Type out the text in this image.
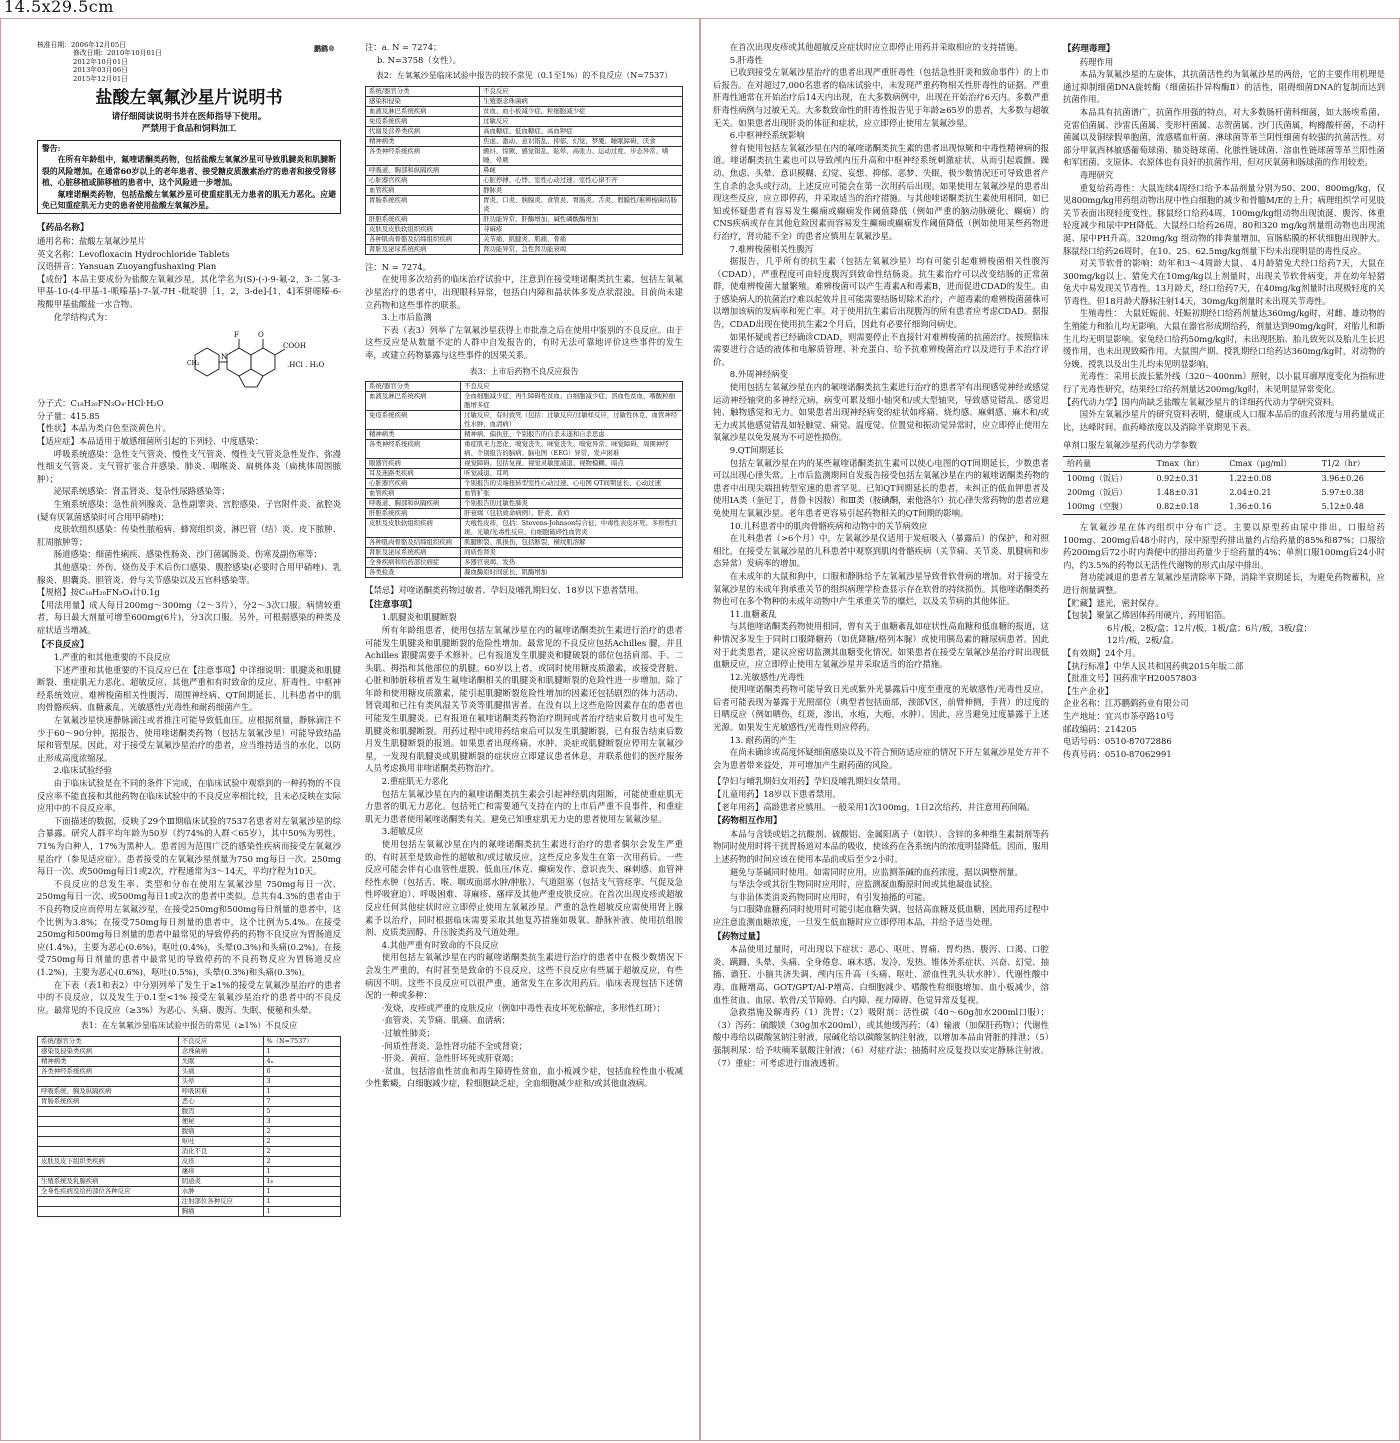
14.5x29.5cm
核准日期：2006年12月05日
修改日期：2010年10月01日
2012年10月01日
2013年03月06日
2015年12月01日
鹏鹞®
盐酸左氧氟沙星片说明书
请仔细阅读说明书并在医师指导下使用。
严禁用于食品和饲料加工
警告:

在所有年龄组中，氟喹诺酮类药物，包括盐酸左氧氟沙星可导致肌腱炎和肌腱断裂的风险增加。在通常60岁以上的老年患者、接受糖皮质激素治疗的患者和接受肾移植、心脏移植或肺移植的患者中，这个风险进一步增加。

氟喹诺酮类药物，包括盐酸左氧氟沙星可使重症肌无力患者的肌无力恶化。应避免已知重症肌无力史的患者使用盐酸左氧氟沙星。

【药品名称】

通用名称：盐酸左氧氟沙星片

英文名称：Levofloxacin Hydrochloride Tablets

汉语拼音：Yansuan Zuoyangfushaxing Pian

【成份】本品主要成份为盐酸左氧氟沙星，其化学名为(S)-(-)-9-氟-2，3-二氢-3-甲基-10-(4-甲基-1-哌嗪基)-7-氧-7H -吡啶骈［1，2，3-de]-[1，4]苯骈噁嗪-6-羧酸甲基盐酸盐一水合物。

化学结构式为：

F	O
COOH
N
CH₃	.HCl . H₂O

分子式：C₁₈H₂₀FN₃O₄·HCl·H₂O

分子量：415.85

【性状】本品为类白色至淡黄色片。

【适应症】本品适用于敏感细菌所引起的下列轻、中度感染：

呼吸系统感染：急性支气管炎、慢性支气管炎、慢性支气管炎急性发作、弥漫性细支气管炎、支气管扩张合并感染、肺炎、咽喉炎、扁桃体炎（扁桃体周围脓肿）；

泌尿系统感染：肾盂肾炎、复杂性尿路感染等；

生殖系统感染：急性前列腺炎、急性副睾炎、宫腔感染、子宫附件炎、盆腔炎(疑有厌氧菌感染时可合用甲硝唑)；

皮肤软组织感染：传染性脓疱病、蜂窝组织炎、淋巴管（结）炎、皮下脓肿、肛周脓肿等；

肠道感染：细菌性痢疾、感染性肠炎、沙门菌属肠炎、伤寒及副伤寒等；

其他感染：外伤、烧伤及手术后伤口感染、腹腔感染(必要时合用甲硝唑)、乳腺炎、胆囊炎、胆管炎、骨与关节感染以及五官科感染等。

【规格】按C₁₈H₂₀FN₃O₄计0.1g

【用法用量】成人每日200mg～300mg（2～3片），分2～3次口服。病情较重者，每日最大剂量可增至600mg(6片)，分3次口服。另外，可根据感染的种类及症状适当增减。

【不良反应】

1.严重的和其他重要的不良反应

下述严重和其他重要的不良反应已在【注意事项】中详细说明：肌腱炎和肌腱断裂、重症肌无力恶化、超敏反应、其他严重和有时致命的反应、肝毒性、中枢神经系统效应、难辨梭菌相关性腹泻、周围神经病、QT间期延长、儿科患者中的肌肉骨骼疾病、血糖紊乱、光敏感性/光毒性和耐药细菌产生。

左氧氟沙星快速静脉滴注或者推注可能导致低血压。应根据剂量，静脉滴注不少于60～90分钟。据报告，使用喹诺酮类药物（包括左氧氟沙星）可能导致结晶尿和管型尿。因此，对于接受左氧氟沙星治疗的患者，应当维持适当的水化，以防止形成高度浓缩尿。

2.临床试验经验

由于临床试验是在不同的条件下完成，在临床试验中观察到的一种药物的不良反应率不能直接和其他药物在临床试验中的不良反应率相比较，且未必反映在实际应用中的不良反应率。

下面描述的数据，反映了29个Ⅲ期临床试验的7537名患者对左氧氟沙星的综合暴露。研究人群平均年龄为50岁（约74%的人群＜65岁），其中50%为男性，71%为白种人，17%为黑种人。患者因为范围广泛的感染性疾病而接受左氧氟沙星治疗（参见适应症）。患者接受的左氧氟沙星剂量为750 mg每日一次、250mg每日一次、或500mg每日1或2次，疗程通常为3～14天，平均疗程为10天。

不良反应的总发生率、类型和分布在使用左氧氟沙星 750mg每日一次、250mg每日一次、或500mg每日1或2次的患者中类似。总共有4.3%的患者由于不良药物反应而停用左氧氟沙星，在接受250mg和500mg每日剂量的患者中，这个比例为3.8%；在接受750mg每日剂量的患者中，这个比例为5.4%。在接受250mg和500mg每日剂量的患者中最常见的导致停药的药物不良反应为胃肠道反应(1.4%)，主要为恶心(0.6%)，呕吐(0.4%)，头晕(0.3%)和头痛(0.2%)。在接受750mg每日剂量的患者中最常见的导致停药的不良药物反应为胃肠道反应(1.2%)，主要为恶心(0.6%)，呕吐(0.5%)，头晕(0.3%)和头痛(0.3%)。

在下表（表1和表2）中分别列举了发生于≥1%的接受左氧氟沙星治疗的患者中的不良反应，以及发生于0.1至<1% 接受左氧氟沙星治疗的患者中的不良反应。最常见的不良反应（≥3%）为恶心、头痛、腹泻、失眠、便秘和头晕。

表1：在左氧氟沙星临床试验中报告的常见（≥1%）不良反应
系统/器官分类	不良反应	%（N=7537）
感染及侵染类疾病	念珠菌病	1
精神病类	失眠	4ₐ
各类神经系统疾病	头痛	6
	头晕	3
呼吸系统、胸及纵隔疾病	呼吸困难	1
胃肠系统疾病	恶心	7
	腹泻	5
	便秘	3
	腹痛	2
	呕吐	2
	消化不良	2
皮肤及皮下组织类疾病	皮疹	2
	瘙痒	1
生殖系统及乳腺疾病	阴道炎	1ᵦ
全身性疾病及给药部位各种反应	水肿	1
	注射部位各种反应	1
	胸痛	1

注：a. N = 7274；

b. N=3758（女性）。

表2：左氧氟沙星临床试验中报告的较不常见（0.1至1%）的不良反应（N=7537）
系统/器官分类	不良反应
感染和侵染	生殖器念珠菌病
血液及淋巴系统疾病	贫血、血小板减少症、粒细胞减少症
免疫系统疾病	过敏反应
代谢及营养类疾病	高血糖症、低血糖症、高血钾症
精神病类	焦虑、激动、意识错乱、抑郁、幻觉、梦魇、睡眠障碍、厌食
各类神经系统疾病	颤抖、惊厥、感觉错乱、眩晕、高张力、运动过度、步态异常、嗜睡、晕厥
呼吸道、胸部和纵隔疾病	鼻衄
心脏器官疾病	心脏停搏、心悸、室性心动过速、室性心律不齐
血管疾病	静脉炎
胃肠系统疾病	胃炎、口炎、胰腺炎、食管炎、胃肠炎、舌炎、假膜性/难辨梭菌结肠炎
肝胆系统疾病	肝功能异常、肝酶增加、碱性磷酸酶增加
皮肤及皮肤软组织疾病	荨麻疹
各种肌肉骨骼及结缔组织疾病	关节痛、肌腱炎、肌痛、骨痛
肾脏及泌尿系统疾病	肾功能异常、急性肾功能衰竭

注：N = 7274。

在使用多次给药的临床治疗试验中，注意到在接受喹诺酮类抗生素，包括左氧氟沙星治疗的患者中，出现眼科异常，包括白内障和晶状体多发点状混浊。目前尚未建立药物和这些事件的联系。

3.上市后监测

下表（表3）列举了左氧氟沙星获得上市批准之后在使用中鉴别的不良反应。由于这些反应是从数量不定的人群中自发报告的，有时无法可靠地评价这些事件的发生率，或建立药物暴露与这些事件的因果关系。

表3：上市后药物不良反应报告
系统/器官分类	不良反应
血液及淋巴系统疾病	全血细胞减少症、再生障碍性贫血、白细胞减少症、溶血性贫血、嗜酸粒细胞增多症
免疫系统疾病	过敏反应，有时致死（包括：过敏反应/过敏样反应，过敏性休克、血管神经性水肿、血清病）
精神病类	精神病、偏执狂、个别报告的自杀未遂和自杀思虑
各类神经系统疾病	重症肌无力恶化、嗅觉丧失、味觉丧失、嗅觉异常、味觉障碍、周围神经病、个别报告的脑病、脑电图（EEG）异常、发声困难
眼器官疾病	视觉障碍，包括复视、视觉灵敏度减退、视物模糊、暗点
耳及迷路类疾病	听觉减退、耳鸣
心脏器官疾病	个别报告的尖端扭转型室性心动过速、心电图 QT间期延长、心动过速
血管疾病	血管扩张
呼吸道、胸部和纵隔疾病	个别报告的过敏性肺炎
肝胆系统疾病	肝衰竭（包括致命病例）、肝炎、黄疸
皮肤及皮肤软组织疾病	大疱性皮疹，包括：Stevens-Johnson综合征、中毒性表皮坏死、多形性红斑、光敏/光毒性反应、白细胞破碎性血管炎
各种肌肉骨骼及结缔组织疾病	肌腱断裂、肌损伤、包括断裂、横纹肌溶解
肾脏及泌尿系统疾病	间质性肾炎
全身疾病和给药部位病症	多器官衰竭、发热
各类检查	凝血酶原时间延长、肌酶增加

【禁忌】对喹诺酮类药物过敏者、孕妇及哺乳期妇女、18岁以下患者禁用。

【注意事项】

1.肌腱炎和肌腱断裂

所有年龄组患者，使用包括左氧氟沙星在内的氟喹诺酮类抗生素进行治疗的患者可能发生肌腱炎和肌腱断裂的危险性增加。最常见的不良反应包括Achilles 腱，并且Achilles 跟腱需要手术修补。已有报道发生肌腱炎和腱破裂的部位包括肩部、手、二头肌、拇指和其他部位的肌腱。60岁以上者，或同时使用糖皮质激素，或接受肾脏、心脏和肺脏移植者发生氟喹诺酮相关的肌腱炎和肌腱断裂的危险性进一步增加。除了年龄和使用糖皮质激素，能引起肌腱断裂危险性增加的因素还包括剧烈的体力活动、肾衰竭和已往有类风湿关节炎等肌腱损害者。在没有以上这些危险因素存在的患者也可能发生肌腱炎。已有报道在氟喹诺酮类药物治疗期间或者治疗结束后数月也可发生肌腱炎和肌腱断裂。用药过程中或用药结束后可以发生肌腱断裂，已有报告结束后数月发生肌腱断裂的报道。如果患者出现疼痛、水肿、炎症或肌腱断裂应停用左氧氟沙星，一发现有肌腱炎或肌腱断裂的症状应立即建议患者休息，并联系他们的医疗服务人员考虑换用非喹诺酮类药物治疗。

2.重症肌无力恶化

包括左氧氟沙星在内的氟喹诺酮类抗生素会引起神经肌肉阻断，可能使重症肌无力患者的肌无力恶化。包括死亡和需要通气支持在内的上市后严重不良事件，和重症肌无力患者使用氟喹诺酮类有关。避免已知重症肌无力史的患者使用左氧氟沙星。

3.超敏反应

使用包括左氧氟沙星在内的氟喹诺酮类抗生素进行治疗的患者偶尔会发生严重的，有时甚至是致命性的超敏和/或过敏反应，这些反应多发生在第一次用药后。一些反应可能会伴有心血管性虚脱、低血压/休克、癫痫发作、意识丧失、麻刺感、血管神经性水肿（包括舌、喉、咽或面部水肿/肿胀）、气道阻塞（包括支气管痉挛、气促及急性呼吸窘迫）、呼吸困难、荨麻疹、瘙痒及其他严重皮肤反应。在首次出现皮疹或超敏反应任何其他症状时应立即停止使用左氧氟沙星。严重的急性超敏反应需使用肾上腺素予以治疗，同时根据临床需要采取其他复苏措施如吸氧、静脉补液、使用抗组胺剂、皮质类固醇、升压胺类药及气道处理。

4.其他严重有时致命的不良反应

使用包括左氧氟沙星在内的氟喹诺酮类抗生素进行治疗的患者中在极少数情况下会发生严重的，有时甚至是致命的不良反应，这些不良反应有些属于超敏反应，有些病因不明。这些不良反应可以很严重，通常发生在多次用药后。临床表现包括下述情况的一种或多种：

·发烧，皮疹或严重的皮肤反应（例如中毒性表皮坏死松解症，多形性红斑）；

·血管炎、关节痛、肌痛、血清病；

·过敏性肺炎；

·间质性肾炎、急性肾功能不全或肾衰；

·肝炎、黄疸、急性肝坏死或肝衰竭；

·贫血，包括溶血性贫血和再生障碍性贫血，血小板减少症，包括血栓性血小板减少性紫癜，白细胞减少症，粒细胞缺乏症，全血细胞减少症和/或其他血液病。

在首次出现皮疹或其他超敏反应症状时应立即停止用药并采取相应的支持措施。

5.肝毒性

已收到接受左氧氟沙星治疗的患者出现严重肝毒性（包括急性肝炎和致命事件）的上市后报告。在对超过7,000名患者的临床试验中，未发现严重药物相关性肝毒性的证据。严重肝毒性通常在开始治疗后14天内出现，在大多数病例中，出现在开始治疗6天内。多数严重肝毒性病例与过敏无关。大多数致命性的肝毒性报告见于年龄≥65岁的患者，大多数与超敏无关。如果患者出现肝炎的体征和症状，应立即停止使用左氧氟沙星。

6.中枢神经系统影响

曾有使用包括左氧氟沙星在内的氟喹诺酮类抗生素的患者出现惊厥和中毒性精神病的报道。喹诺酮类抗生素也可以导致颅内压升高和中枢神经系统刺激症状，从而引起震颤、躁动、焦虑、头晕、意识模糊、幻觉、妄想、抑郁、恶梦、失眠，极少数情况还可导致患者产生自杀的念头或行动。上述反应可能会在第一次用药后出现。如果使用左氧氟沙星的患者出现这些反应，应立即停药，并采取适当的治疗措施。与其他喹诺酮类抗生素使用相同，如已知或怀疑患者有容易发生癫痫或癫痫发作阈值降低（例如严重的脑动脉硬化、癫痫）的CNS疾病或存在其他危险因素而容易发生癫痫或癫痫发作阈值降低（例如使用某些药物进行治疗，肾功能不全）的患者应慎用左氧氟沙星。

7.难辨梭菌相关性腹泻

据报告，几乎所有的抗生素（包括左氧氟沙星）均有可能引起难辨梭菌相关性腹泻（CDAD），严重程度可由轻度腹泻到致命性结肠炎。抗生素治疗可以改变结肠的正常菌群，使难辨梭菌大量繁殖。难辨梭菌可以产生毒素A和毒素B，进而促进CDAD的发生。由于感染病人的抗菌治疗难以起效并且可能需要结肠切除术治疗，产超毒素的难辨梭菌菌株可以增加该病的发病率和死亡率。对于使用抗生素后出现腹泻的所有患者应考虑CDAD。据报告，CDAD出现在使用抗生素2个月后，因此有必要仔细询问病史。

如果怀疑或者已经确诊CDAD，则需要停止不直接针对难辨梭菌的抗菌治疗。按照临床需要进行合适的液体和电解质管理、补充蛋白、给予抗难辨梭菌治疗以及进行手术治疗评价。

8.外周神经病变

使用包括左氧氟沙星在内的氟喹诺酮类抗生素进行治疗的患者罕有出现感觉神经或感觉运动神经轴突的多神经元病，病变可累及细小轴突和/或大型轴突，导致感觉错乱、感觉迟钝、触物感觉和无力。如果患者出现神经病变的症状如疼痛、烧灼感、麻刺感、麻木和/或无力或其他感觉错乱如轻触觉、痛觉、温度觉、位置觉和振动觉异常时，应立即停止使用左氧氟沙星以免发展为不可逆性损伤。

9.QT间期延长

包括左氧氟沙星在内的某些氟喹诺酮类抗生素可以使心电图的QT间期延长，少数患者可以出现心律失常。上市后监测期间自发报告接受包括左氧氟沙星在内的氟喹诺酮类药物的患者中出现尖端扭转型室速的患者罕见。已知QT间期延长的患者，未纠正的低血钾患者及使用IA类（奎尼丁，普鲁卡因胺）和Ⅲ类（胺碘酮，索他洛尔）抗心律失常药物的患者应避免使用左氧氟沙星。老年患者更容易引起药物相关的QT间期的影响。

10.儿科患者中的肌肉骨骼疾病和动物中的关节病效应

在儿科患者（>6个月）中，左氧氟沙星仅适用于炭疽吸入（暴露后）的保护，和对照相比，在接受左氧氟沙星的儿科患者中观察到肌肉骨骼疾病（关节痛、关节炎、肌腱病和步态异常）发病率的增加。

在未成年的大鼠和狗中，口服和静脉给予左氧氟沙星导致骨软骨病的增加。对于接受左氧氟沙星的未成年狗承重关节的组织病理学检查显示存在软骨的持续损伤。其他喹诺酮类药物也可在多个物种的未成年动物中产生承重关节的糜烂，以及关节病的其他体征。

11.血糖紊乱

与其他喹诺酮类药物使用相同，曾有关于血糖紊乱如症状性高血糖和低血糖的报道，这种情况多发生于同时口服降糖药（如优降糖/格列本脲）或使用胰岛素的糖尿病患者。因此对于此类患者，建议应密切监测其血糖变化情况。如果患者在接受左氧氟沙星治疗时出现低血糖反应，应立即停止使用左氧氟沙星并采取适当的治疗措施。

12.光敏感性/光毒性

使用喹诺酮类药物可能导致日光或紫外光暴露后中度至重度的光敏感性/光毒性反应，后者可能表现为暴露于光照部位（典型者包括面部，颈部V区，前臂伸侧，手背）的过度的日晒反应（例如晒伤，红斑，渗出，水疱，大疱，水肿）。因此，应当避免过度暴露于上述光源。如果发生光敏感性/光毒性则应停药。

13. 耐药菌的产生

在尚未确诊或高度怀疑细菌感染以及不符合预防适应症的情况下开左氧氟沙星处方并不会为患者带来益处，并可增加产生耐药菌的风险。

【孕妇与哺乳期妇女用药】孕妇及哺乳期妇女禁用。

【儿童用药】18岁以下患者禁用。

【老年用药】高龄患者应慎用。一般采用1次100mg，1日2次给药，并注意用药间隔。

【药物相互作用】

本品与含镁或铝之抗酸剂、硫酸铝、金属阳离子（如铁）、含锌的多种维生素制剂等药物同时使用时将干扰胃肠道对本品的吸收，使该药在各系统内的浓度明显降低。因而，服用上述药物的时间应该在使用本品前或后至少2小时。

避免与茶碱同时使用。如需同时应用，应监测茶碱的血药浓度，据以调整剂量。

与华法令或其衍生物同时应用时，应监测凝血酶原时间或其他凝血试验。

与非甾体类消炎药物同时应用时，有引发抽搐的可能。

与口服降血糖药同时使用时可能引起血糖失调，包括高血糖及低血糖，因此用药过程中应注意监测血糖浓度，一旦发生低血糖时应立即停用本品，并给予适当处理。

【药物过量】

本品使用过量时，可出现以下症状：恶心、呕吐、胃痛、胃灼热、腹泻、口渴、口腔炎、蹒跚、头晕、头痛、全身倦怠、麻木感、发冷、发热、锥体外系症状、兴奋、幻觉、抽搐、谵狂、小脑共济失调、颅内压升高（头痛、呕吐、淤血性乳头状水肿）、代谢性酸中毒、血糖增高、GOT/GPT/Al-P增高、白细胞减少、嗜酸性粒细胞增加、血小板减少，溶血性贫血、血尿、软骨/关节障碍、白内障、视力障碍、色觉异常及复视。

急救措施及解毒药（1）洗胃；（2）吸附剂：活性碳（40～60g加水200ml口服）；（3）泻药：硫酸镁（30g加水200ml），或其他缓泻药；（4）输液（加保肝药物）；代谢性酸中毒给以碳酸氢钠注射液，尿碱化给以碳酸氢钠注射液，以增加本品由肾脏的排泄；（5）强制利尿：给予呋喃苯氨酸注射液；（6）对症疗法：抽搐时应反复投以安定静脉注射液。（7）重症：可考虑进行血液透析。

【药理毒理】

药理作用

本品为氧氟沙星的左旋体，其抗菌活性约为氧氟沙星的两倍，它的主要作用机理是通过抑制细菌DNA旋转酶（细菌拓扑异构酶Ⅱ）的活性，阻碍细菌DNA的复制而达到抗菌作用。

本品具有抗菌谱广，抗菌作用强的特点，对大多数肠杆菌科细菌，如大肠埃希菌、克雷伯菌属、沙雷氏菌属、变形杆菌属、志贺菌属、沙门氏菌属，枸橼酸杆菌，不动杆菌属以及铜绿假单胞菌，流感嗜血杆菌、淋球菌等革兰阴性细菌有较强的抗菌活性。对部分甲氧西林敏感葡萄球菌、肺炎链球菌、化脓性链球菌、溶血性链球菌等革兰阳性菌和军团菌、支原体、衣原体也有良好的抗菌作用，但对厌氧菌和肠球菌的作用较差。

毒理研究

重复给药毒性：大鼠连续4周经口给予本品剂量分别为50、200、800mg/kg，仅见800mg/kg用药组动物出现中性白细胞的减少和骨髓M/E的上升；病理组织学可见肢关节表面出现轻度变性。豚鼠经口给药4周，100mg/kg组动物出现流涎、腹泻、体重轻度减少和尿中PH降低。大鼠经口给药26周，80和320 mg/kg剂量组动物也出现流涎、尿中PH升高。320mg/kg 组动物的排粪量增加，盲肠粘膜的杯状细胞出现肿大。豚鼠经口给药26周时，在10、25、62.5mg/kg剂量下均未出现明显的毒性反应。

对关节软骨的影响：幼年和3～4周龄大鼠、 4月龄猎兔犬经口给药7天，大鼠在300mg/kg以上、猎兔犬在10mg/kg以上剂量时，出现关节软骨病变，并在幼年轻猎兔犬中易发现关节毒性。13月龄犬，经口给药7天，在40mg/kg剂量时出现极轻度的关节毒性。但18月龄犬静脉注射14天，30mg/kg剂量时未出现关节毒性。

生殖毒性： 大鼠妊娠前、妊娠初期经口给药剂量达360mg/kg时，对雌、雄动物的生殖能力和胎儿均无影响。大鼠在器官形成期给药，剂量达到90mg/kg时，对胎儿和新生儿均无明显影响。家兔经口给药50mg/kg时，未出现胚胎、胎儿致死以及胎儿生长迟缓作用，也未出现致畸作用。大鼠围产期、授乳期经口给药达360mg/kg时，对动物的分娩、授乳以及出生儿均未见明显影响。

光毒性：采用长波长紫外线（320～400nm）照射，以小鼠耳廓厚度变化为指标进行了光毒性研究，结果经口给药剂量达200mg/kg时，未见明显异常变化。

【药代动力学】国内尚缺乏盐酸左氧氟沙星片的详细药代动力学研究资料。

国外左氧氟沙星片的研究资料表明，健康成人口服本品后的血药浓度与用药量成正比，达峰时间、血药峰浓度以及消除半衰期见下表。

单剂口服左氧氟沙星药代动力学参数

给药量	Tmax（hr）	Cmax（μg/ml）	T1/2（hr）
100mg（饭后）	0.92±0.31	1.22±0.08	3.96±0.26
200mg（饭后）	1.48±0.31	2.04±0.21	5.97±0.38
100mg（空腹）	0.82±0.18	1.36±0.16	5.12±0.48

左氧氟沙星在体内组织中分布广泛。主要以原型药由尿中排出，口服给药100mg、200mg后48小时内，尿中原型药排出量约占给药量的85%和87%；口服给药200mg后72小时内粪便中的排出药量少于给药量的4%；单剂口服100mg后24小时内，约3.5%的药物以无活性代谢物的形式由尿中排出。

肾功能减退的患者左氧氟沙星清除率下降，消除半衰期延长，为避免药物蓄积，应进行剂量调整。

【贮藏】遮光，密封保存。

【包装】聚氯乙烯固体药用硬片，药用铝箔。

6片/板，2板/盒；12片/板，1板/盒；6片/板，3板/盒；

12片/板，2板/盒。

【有效期】24个月。

【执行标准】中华人民共和国药典2015年版二部

【批准文号】国药准字H20057803

【生产企业】

企业名称：江苏鹏鹞药业有限公司

生产地址：宜兴市茶亭路10号

邮政编码：214205

电话号码：0510-87072886

传真号码：0510-87062991
